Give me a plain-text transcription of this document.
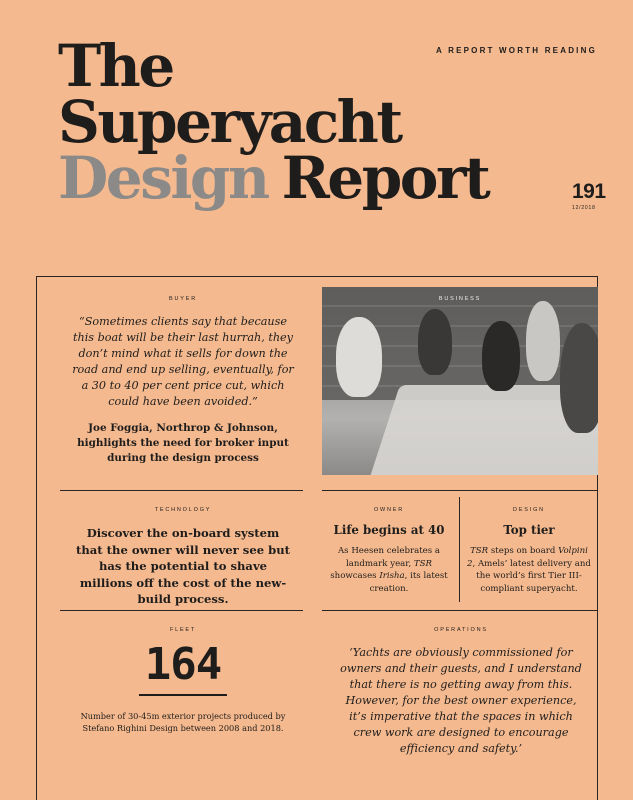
A REPORT WORTH READING
The
Superyacht
Design Report	191
12/2018
BUYER

“Sometimes clients say that because this boat will be their last hurrah, they don’t mind what it sells for down the road and end up selling, eventually, for a 30 to 40 per cent price cut, which could have been avoided.”

Joe Foggia, Northrop & Johnson, highlights the need for broker input during the design process

BUSINESS
TECHNOLOGY

Discover the on-board system that the owner will never see but has the potential to shave millions off the cost of the new-build process.

OWNER
Life begins at 40

As Heesen celebrates a landmark year, TSR showcases Irisha, its latest creation.

DESIGN
Top tier

TSR steps on board Volpini 2, Amels’ latest delivery and the world’s first Tier III-compliant superyacht.

FLEET
164

Number of 30-45m exterior projects produced by Stefano Righini Design between 2008 and 2018.

OPERATIONS

‘Yachts are obviously commissioned for owners and their guests, and I understand that there is no getting away from this. However, for the best owner experience, it’s imperative that the spaces in which crew work are designed to encourage efficiency and safety.’
